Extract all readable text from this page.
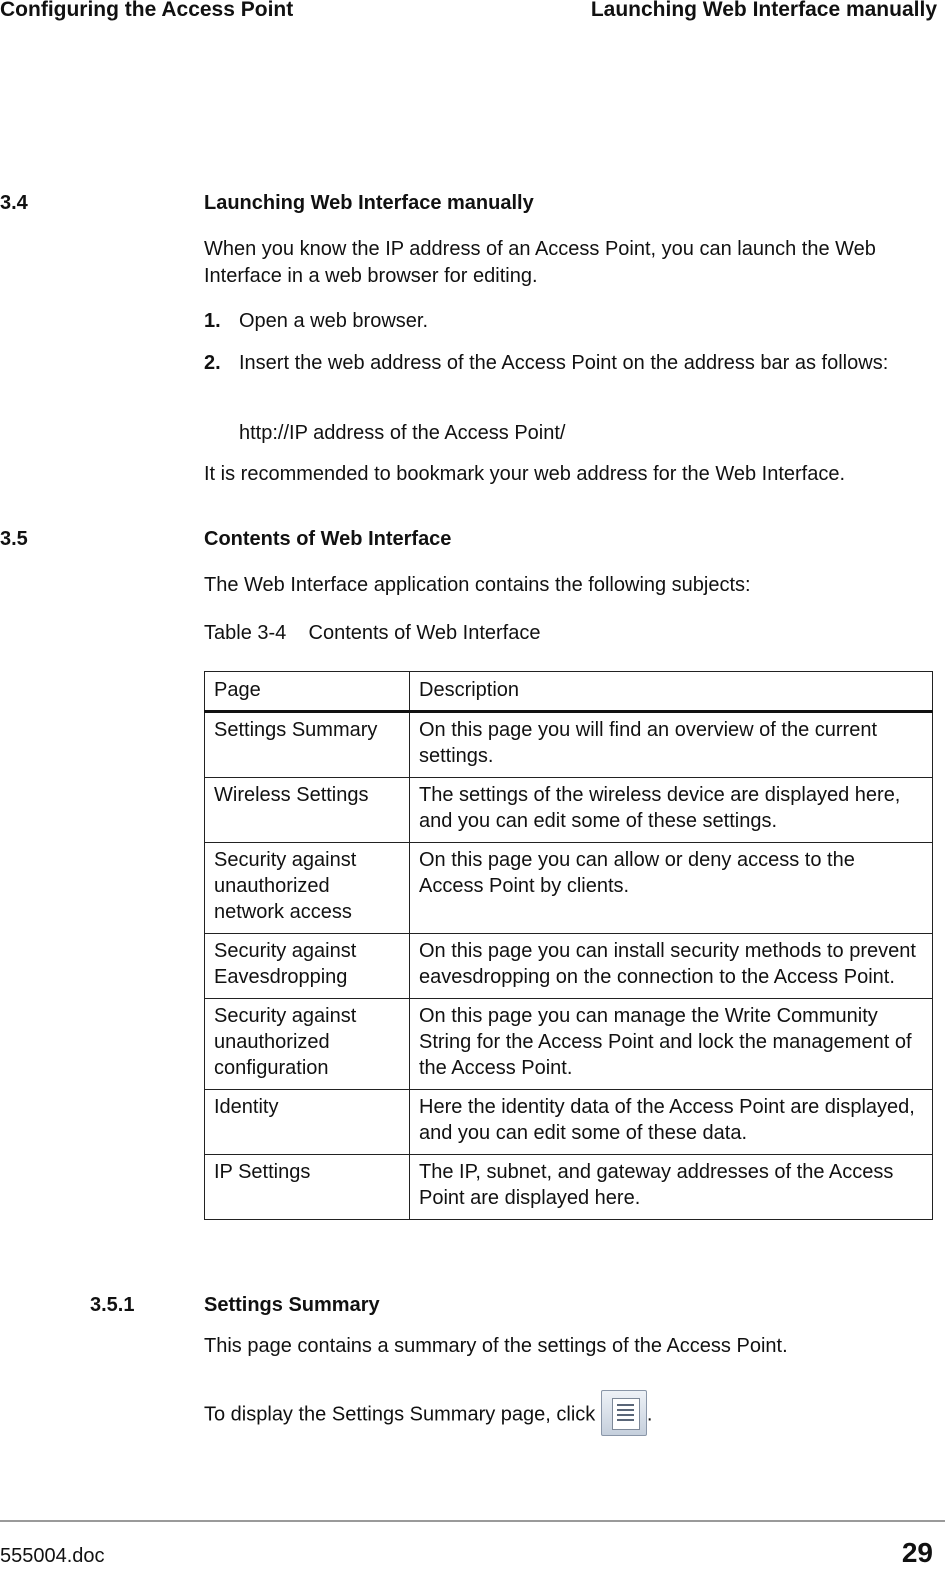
Configuring the Access Point	Launching Web Interface manually
3.4	Launching Web Interface manually
When you know the IP address of an Access Point, you can launch the Web Interface in a web browser for editing.
1. Open a web browser.
2. Insert the web address of the Access Point on the address bar as follows:
http://IP address of the Access Point/
It is recommended to bookmark your web address for the Web Interface.
3.5	Contents of Web Interface
The Web Interface application contains the following subjects:
Table 3-4    Contents of Web Interface
Page	Description
Settings Summary	On this page you will find an overview of the current settings.
Wireless Settings	The settings of the wireless device are displayed here, and you can edit some of these settings.
Security against unauthorized network access	On this page you can allow or deny access to the Access Point by clients.
Security against Eavesdropping	On this page you can install security methods to prevent eavesdropping on the connection to the Access Point.
Security against unauthorized configuration	On this page you can manage the Write Community String for the Access Point and lock the management of the Access Point.
Identity	Here the identity data of the Access Point are displayed, and you can edit some of these data.
IP Settings	The IP, subnet, and gateway addresses of the Access Point are displayed here.
3.5.1	Settings Summary
This page contains a summary of the settings of the Access Point.
To display the Settings Summary page, click	.
555004.doc	29
